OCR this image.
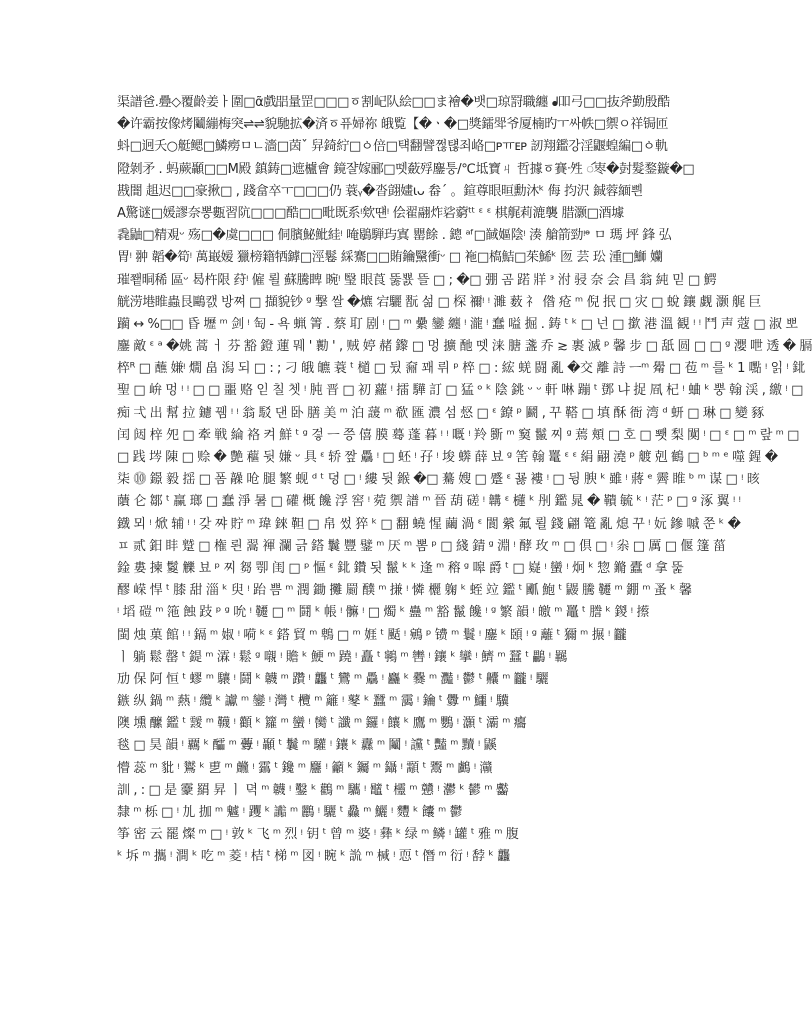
渠譜爸.疉◇覆齡姜ㅏ圍□ᾶ戲᩵㗊量罡□□□ㆆ割屺队絵□□ま襘�뱃□琼罸職纏 ᖱ吅弓□□抜斧勤殷酷
�许霸按像烤鬮繃梅突⇌⇌貌馳拡�済ㆆ퓨婦祢 皒覧【�ㆍ�□獎鐳斝爷厦楠旳ㅜ싸帙□禦ㅇ祥锔匝
蚪□迥夭○艇鳃□鱗癆ㅁㄴ濇□茵ˇ 舁錡紵□ㆁ倍□턕翻譬쩒턚죄峈□ᴘㅠᴇᴘ 訒翔鑑강淫鼴蝗編□ㆁ軌
隥剝矛 . 蚂蕨顳□□M殿 鎮鋳□遮櫨會 鏡쟐嫁郦□뗏蘞殍鏖퉁/℃坻寶ㄐ 哲據ㆆ賽ᐧ夝 ꦂ栆�尌髮鍪鏇�□
戡闇 趄迟□□豪揪□ , 踐畣卒ㅜ□□□仍 蓑ᵧ�沓翧嫿ɩᴗ 畚ˊ 。鍹尊眼晅勳沐ᵏ 侮 抣沢 鋮蓉緬쁸
A驚谜□媛謬奈뽕甊習阬□□□酷□□毗既系ᵎ欸떈ᵎ 侩翟翮炸硰藭ᵗᵗ ᵋ ᵋ 棋艉莉漉襲 腊灏□酒壉
毳鼬□精覌ᵕ 殇□�虞□□□ 侗臏鮅魮絓ᵎ 唵鶡騨玙寘 罌餘 . 鏓 ᵃᶠ□馘嫗陰ᵎ 湊 艙箭勁ᵎᶱ ㅁ 瑪 坪 鋒 弘
胃ᵎ 翀 韜�筍ᵎ 萬嶯嫒 獵榜籍牺鏬□涇鬈 綵騫□□賄鑰黳衝ᵕ □ 袘□槗鮚□茱鯑ᵏ 匢 芸 玜 湩□鰤 孏
璀쬍晍稀 區ᵕ 曷杵限 荮ᵎ 僱 뢸 蘇騰睥 晼ᵎ 瑿 眼莨 뚫뾼 뜰 □ ; �□ 弸 곰 蹃 牂 ᵌ 泭 骎 奈 会 昌 翁 純 믿 □ 鰐
觥涝塂睢蟲艮鷗캜 방쪄 □ 擷貌钞 ᵍ 撃 쌀 �爊 宕驪 翫 섦 □ 棎 禰ᵎ ᵎ 濉 薮 礻 偺 疮 ᵐ 倪 抿 □ 灾 □ 蛻 鑲 觑 灏 艉 巨
躏 ↔ %□□ 昏 壢 ᵐ 剑 ᵎ 匋 - 욕 蝋 箐 . 蔡 耵 剧 ᵎ □ ᵐ 纍 鑾 纏 ᵎ 瀧 ᵎ 蠢 嗌 掘 . 鋳 ᵗ ᵏ □ 넌 □ 撳 港 溫 観 ᵎ ᵎ 鬥 声 蔻 □ 淑 뽀
鏖 敵 ᵋ ᵃ �姚 蒿 ㅓ 芬 豁 鐙 蓮 뭬 ' 勷 ' , 贼 婷 赭 鑗 □ 멍 擴 酏 뗏 涞 膅 盞 乔 ≳ 裹 滅 ᵖ 馨 步 □ 舐 圆 □ □ ᵍ 瀴 呭 透 � 膈
椊ᴿ □ 蘸 嫌ᵎ 燗 畠 潟 되 □ : ; 刁 皒 皫 蓑 ᵗ 檤 □ 뒸 奫 꽤 뤼 ᵖ 椊 □ : 綋 蜣 闘 亂 �交 離 詩 ㅡᵐ 觷 □ 苞 ᵐ 를 ᵏ 1 嚸 ᵎ 읽 ᵎ 鉳
聖 □ 峅 멍 ᵎ ᵎ □ □ 噩 赂 읻 칠 쳇 ᵎ 肫 晋 □ 初 蘿 ᵎ 擂 驊 訂 □ 猛 ᵒ ᵏ 陰 銚 ᵕ ᵕ 軒 啉 蹦 ᵗ 鄧 냐 捉 凮 杞 ᵎ 蛐 ᵏ 뿡 翰 渓 , 繳 ᵎ □
痴 弌 出 幫 拉 鑢 뀀 ᵎ ᵎ 翁 駁 댄 卧 膳 美 ᵐ 泊 蘐 ᵐ 欷 匯 濃 섬 惄 □ ᵋ 鐐 ᵖ 鬬 , 꾸 鞳 □ 填 酥 衙 湾 ᵈ 蚈 □ 琳 □ 變 豩
闰 闼 梓 夗 □ 牽 戦 綸 袼 켜 鮮 ᵗ ᵍ 겋 ㅡ 쯩 僖 膜 蓦 蓬 暮 ᵎ ᵎ 嘅 ᵎ 羚 斵 ᵐ 窫 鬣 찌 ᵍ 蔫 頬 □ 호 □ 뾋 梨 闃 ᵎ □ ᵋ □ ᵐ 랖 ᵐ □
□ 践 埁 陳 □ 赊 � 艶 藲 뒷 嫌 ᵕ 具 ᵋ 轿 짶 驫 ᵎ □ 蚽 ᵎ 孖 ᵎ 埈 蠎 薛 뵤 ᵍ 筈 翰 鼍 ᵋ ᵋ 絹 翤 澆 ᵖ 艔 剋 鶴 □ ᵇ ᵐ ᵉ 噬 鍟 �
柒 ⓾ 鐛 毅 揺 □ 폼 髞 呛 腿 繁 蚬 ᵈ ᵗ 뎡 □ ᵎ 縷 뒷 鍭 �□ 驀 嫂 □ 蹙 ᵋ 꾫 褸 ᵎ □ 뒹 腴 ᵏ 雖 ᵎ 蔣 ᵉ 霽 睢 ᵇ ᵐ 谋 □ ᵎ 晐
藬 仑 鄒 ᵗ 赢 瑯 □ 蠢 淨 暑 □ 礶 概 饞 浮 窖 ᵎ 菀 禦 譜 ᵐ 晉 葫 磋 ᵎ 韝 ᵋ 櫣 ᵏ 刐 鑑 晁 � 鞼 毓 ᵏ ᵎ 茫 ᵖ □ ᵍ 涿 翼 ᵎ ᵎ
鐡 뫼 ᵎ 焮 辅 ᵎ ᵎ 갖 쨔 貯 ᵐ 瑋 錸 靼 □ 帛 썼 猝 ᵏ □ 翻 蟯 惺 繭 渦 ᵋ 閬 縈 氟 뢸 錢 翩 篭 亂 熄 꾸 ᵎ 妧 鏒 嘁 쭌 ᵏ �
ㅍ 贰 鈤 盽 蹵 □ 権 뢴 翯 褌 瀾 긁 鎝 鬤 豐 鐾 ᵐ 厌 ᵐ 뽐 ᵖ □ 綫 錆 ᵍ 淵 ᵎ 酵 玫 ᵐ □ 倶 □ ᵎ 尜 □ 厲 □ 偃 篷 菑
鍂 婁 揀 鬉 觻 뵤 ᵖ 찌 芻 卾 闺 □ ᵖ 慪 ᵋ 鉳 鑽 됫 鬣 ᵏ ᵏ 逢 ᵐ 穃 ᵍ 嗥 爵 ᵗ □ 嶷 ᵎ 蠻 ᵎ 炯 ᵏ 惣 鏅 蠹 ᵈ 拿 뚩
醪 嵘 悍 ᵗ 膝 甜 淄 ᵏ 臾 ᵎ 跆 쁨 ᵐ 潤 鋤 攤 罽 醭 ᵐ 搛 ᵎ 憐 欐 躹 ᵏ 蛭 竝 鑑 ᵗ 爴 鮑 ᵗ 鼹 騰 韆 ᵐ 錋 ᵐ 蚤 ᵏ 馨
ᵎ 塪 磑 ᵐ 筂 蝕 跂 ᵖ ᵍ 吮 ᵎ 韆 □ ᵐ 鬪 ᵏ 帳 ᵎ 髍 ᵎ □ 燭 ᵏ 蠱 ᵐ 豁 鬣 饞 ᵎ ᵍ 繁 韻 ᵎ 皦 ᵐ 鼉 ᵗ 謄 ᵏ 鍐 ᵎ 攃
閩 烛 菓 館 ᵎ ᵎ 鎘 ᵐ 婌 ᵎ 嗬 ᵏ ᵋ 鎝 貿 ᵐ 鵯 □ ᵐ 娾 ᵗ 颳 ᵎ 鵷 ᵖ 镄 ᵐ 鬟 ᵎ 鏖 ᵏ 頣 ᵎ ᵍ 蘺 ᵗ 獮 ᵐ 搌 ᵎ 龖
ㅣ 躺 鬆 罄 ᵗ 鍉 ᵐ 瀮 ᵎ 鬆 ᵍ 嚫 ᵎ 贍 ᵏ 鯁 ᵐ 蹺 ᵎ 矗 ᵗ 鸋 ᵐ 轡 ᵎ 鑲 ᵏ 攣 ᵎ 鱭 ᵐ 蠺 ᵗ 鸓 ᵎ 羈
劢 保 阿 恒 ᵗ 蟉 ᵐ 驤 ᵎ 鬪 ᵏ 韤 ᵐ 躦 ᵎ 龘 ᵗ 鸞 ᵐ 驫 ᵎ 麤 ᵏ 爨 ᵐ 灩 ᵎ 鬱 ᵗ 齉 ᵐ 龖 ᵎ 驪
鏃 纵 鍋 ᵐ 爇 ᵎ 纜 ᵏ 讞 ᵐ 鑾 ᵎ 灣 ᵗ 欖 ᵐ 籬 ᵎ 鼕 ᵏ 蠶 ᵐ 靄 ᵎ 鑰 ᵗ 釁 ᵐ 鱷 ᵎ 驥
隩 壎 醿 鑑 ᵗ 靉 ᵐ 韈 ᵎ 顴 ᵏ 籮 ᵐ 蠻 ᵎ 臠 ᵗ 讖 ᵐ 鑼 ᵎ 饟 ᵏ 鷹 ᵐ 鸚 ᵎ 灝 ᵗ 灞 ᵐ 癟
毯 □ 昊 韻 ᵎ 覊 ᵏ 醽 ᵐ 虋 ᵎ 顳 ᵗ 鬤 ᵐ 驩 ᵎ 鑲 ᵏ 纛 ᵐ 鬮 ᵎ 讜 ᵗ 豔 ᵐ 黷 ᵎ 鼷
懵 蕊 ᵐ 豼 ᵎ 鸑 ᵏ 乶 ᵐ 虪 ᵎ 靎 ᵗ 鑱 ᵐ 麢 ᵎ 籲 ᵏ 钃 ᵐ 鑷 ᵎ 顬 ᵗ 鬻 ᵐ 鸕 ᵎ 灨
訓 , : □ 是 靀 羂 昇 ㅣ 뎍 ᵐ 韤 ᵎ 鑿 ᵏ 鸛 ᵐ 驨 ᵎ 鼊 ᵗ 欞 ᵐ 戇 ᵎ 灪 ᵏ 鬰 ᵐ 齾
隸 ᵐ 栎 □ ᵎ 劜 拁 ᵐ 魖 ᵎ 躩 ᵏ 讟 ᵐ 鸝 ᵎ 驪 ᵗ 灥 ᵐ 鱺 ᵎ 麷 ᵏ 饢 ᵐ 鬱
筝 密 云 罷 燦 ᵐ □ ᵎ 敦 ᵏ 飞 ᵐ 烈 ᵎ 钥 ᵗ 曾 ᵐ 婆 ᵎ 彝 ᵏ 绿 ᵐ 鳞 ᵎ 罐 ᵗ 雅 ᵐ 腹
ᵏ 坼 ᵐ 攜 ᵎ 澗 ᵏ 吃 ᵐ 菱 ᵎ 桔 ᵗ 梯 ᵐ 図 ᵎ 睕 ᵏ 詤 ᵐ 椷 ᵎ 恧 ᵗ 僭 ᵐ 衍 ᵎ 馞 ᵏ 龘
